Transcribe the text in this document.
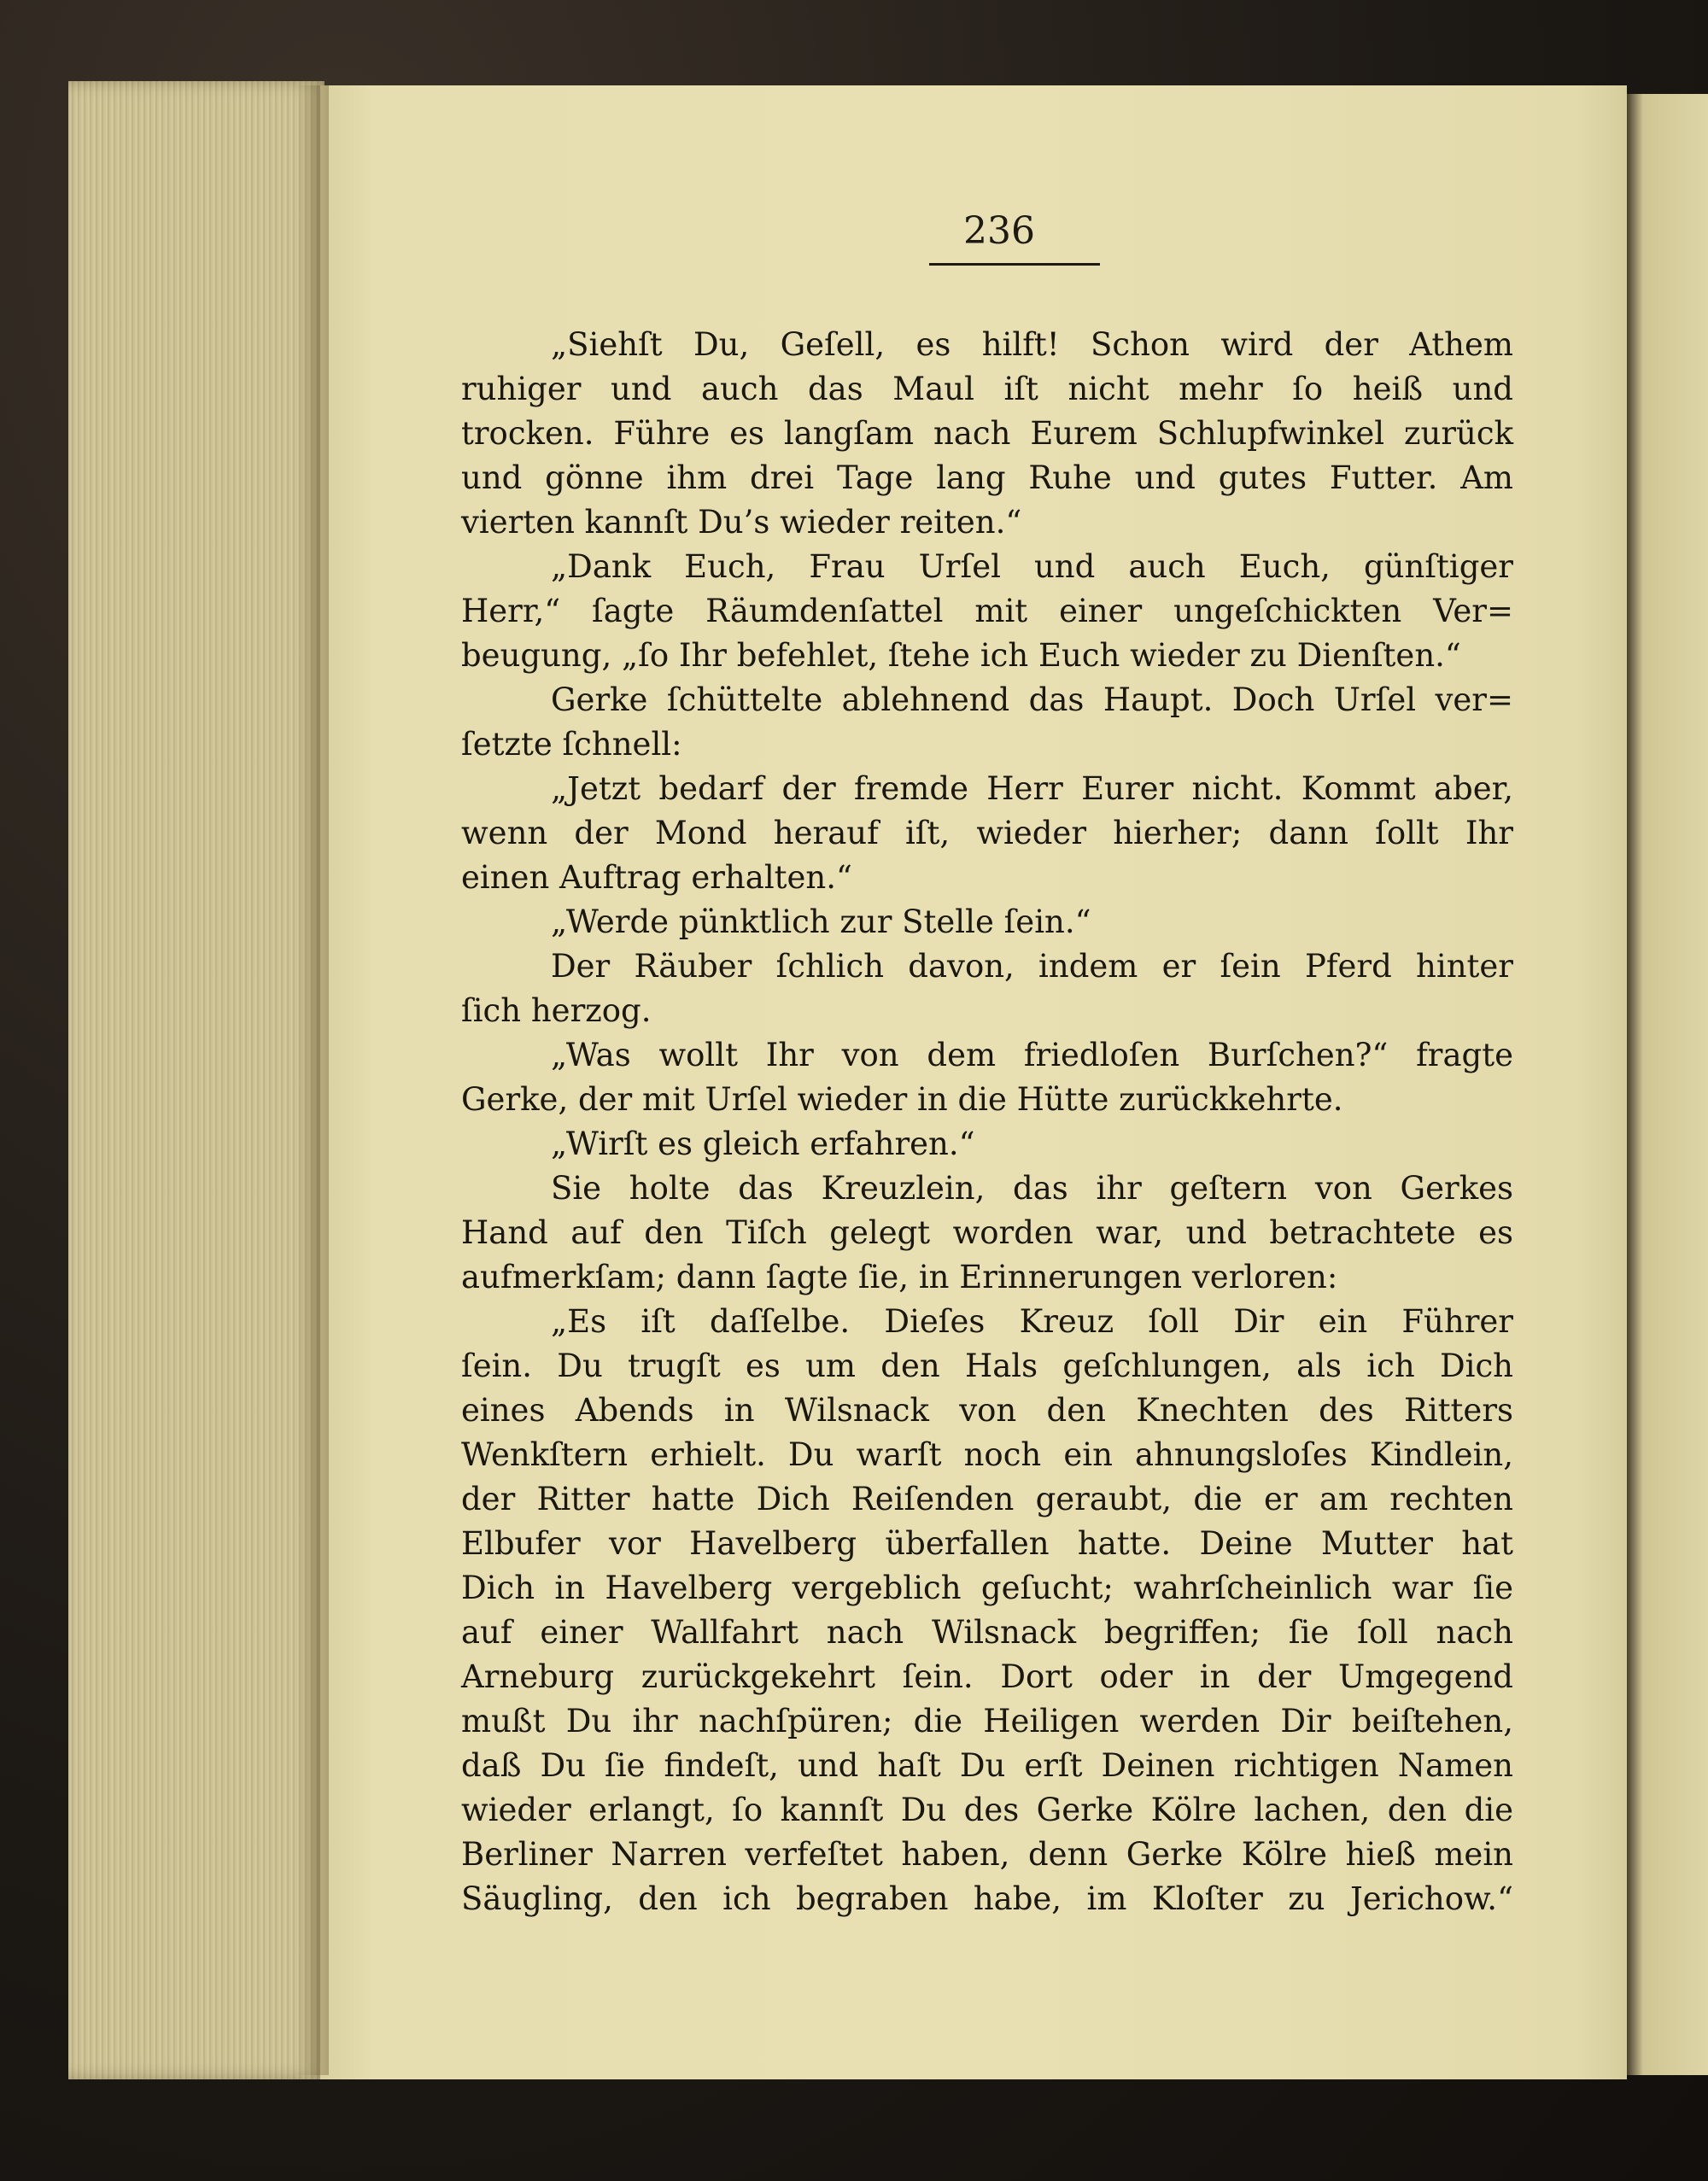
236
„Siehſt Du, Geſell, es hilft! Schon wird der Athem
ruhiger und auch das Maul iſt nicht mehr ſo heiß und
trocken. Führe es langſam nach Eurem Schlupfwinkel zurück
und gönne ihm drei Tage lang Ruhe und gutes Futter. Am
vierten kannſt Du’s wieder reiten.“
„Dank Euch, Frau Urſel und auch Euch, günſtiger
Herr,“ ſagte Räumdenſattel mit einer ungeſchickten Ver=
beugung, „ſo Ihr befehlet, ſtehe ich Euch wieder zu Dienſten.“
Gerke ſchüttelte ablehnend das Haupt. Doch Urſel ver=
ſetzte ſchnell:
„Jetzt bedarf der fremde Herr Eurer nicht. Kommt aber,
wenn der Mond herauf iſt, wieder hierher; dann ſollt Ihr
einen Auftrag erhalten.“
„Werde pünktlich zur Stelle ſein.“
Der Räuber ſchlich davon, indem er ſein Pferd hinter
ſich herzog.
„Was wollt Ihr von dem friedloſen Burſchen?“ fragte
Gerke, der mit Urſel wieder in die Hütte zurückkehrte.
„Wirſt es gleich erfahren.“
Sie holte das Kreuzlein, das ihr geſtern von Gerkes
Hand auf den Tiſch gelegt worden war, und betrachtete es
aufmerkſam; dann ſagte ſie, in Erinnerungen verloren:
„Es iſt daſſelbe. Dieſes Kreuz ſoll Dir ein Führer
ſein. Du trugſt es um den Hals geſchlungen, als ich Dich
eines Abends in Wilsnack von den Knechten des Ritters
Wenkſtern erhielt. Du warſt noch ein ahnungsloſes Kindlein,
der Ritter hatte Dich Reiſenden geraubt, die er am rechten
Elbufer vor Havelberg überfallen hatte. Deine Mutter hat
Dich in Havelberg vergeblich geſucht; wahrſcheinlich war ſie
auf einer Wallfahrt nach Wilsnack begriffen; ſie ſoll nach
Arneburg zurückgekehrt ſein. Dort oder in der Umgegend
mußt Du ihr nachſpüren; die Heiligen werden Dir beiſtehen,
daß Du ſie findeſt, und haſt Du erſt Deinen richtigen Namen
wieder erlangt, ſo kannſt Du des Gerke Kölre lachen, den die
Berliner Narren verfeſtet haben, denn Gerke Kölre hieß mein
Säugling, den ich begraben habe, im Kloſter zu Jerichow.“
